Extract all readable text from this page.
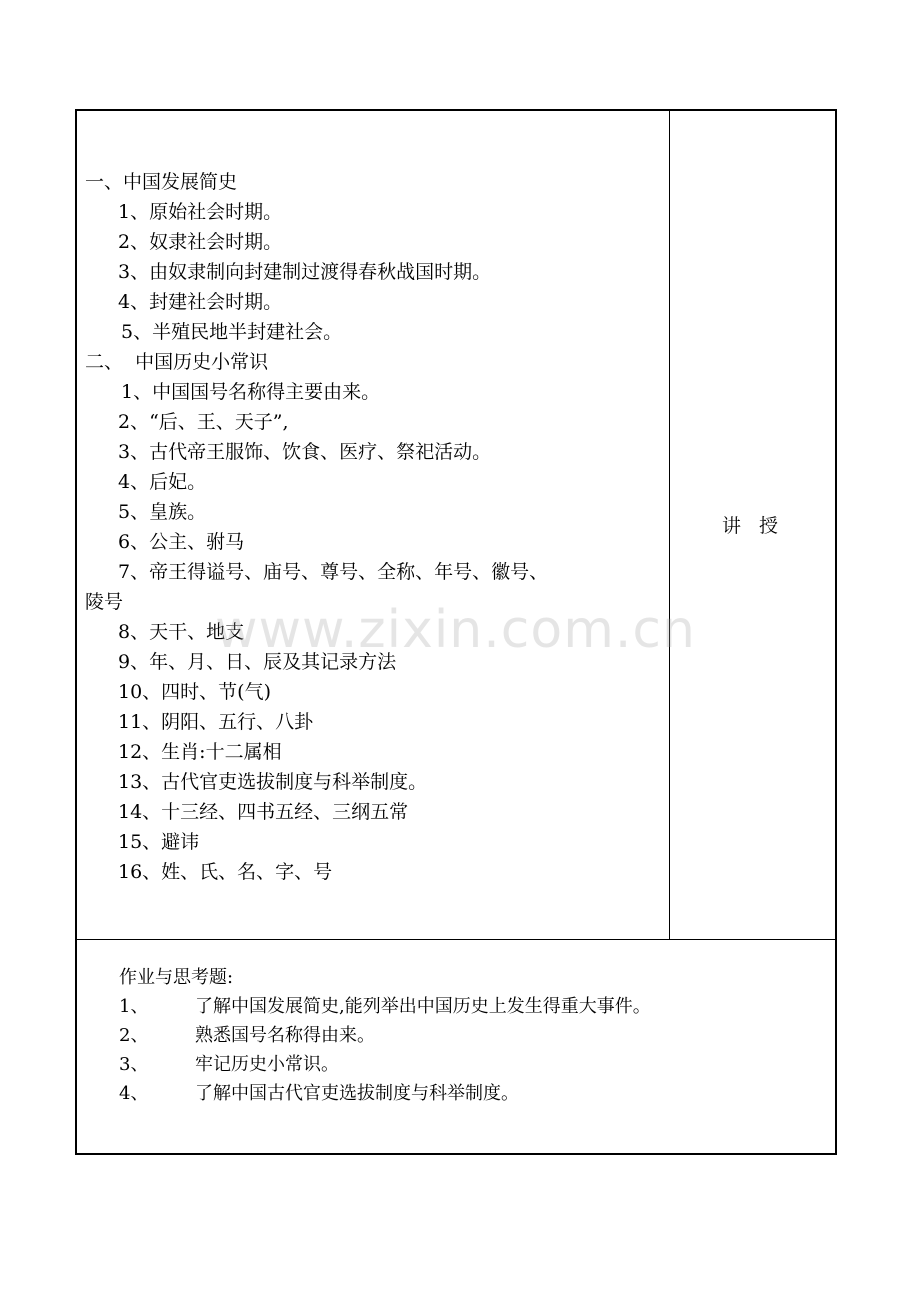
一、中国发展简史
1、原始社会时期。
2、奴隶社会时期。
3、由奴隶制向封建制过渡得春秋战国时期。
4、封建社会时期。
5、半殖民地半封建社会。
二、  中国历史小常识
1、中国国号名称得主要由来。
2、“后、王、天子”,
3、古代帝王服饰、饮食、医疗、祭祀活动。
4、后妃。
5、皇族。
6、公主、驸马
7、帝王得谥号、庙号、尊号、全称、年号、徽号、
陵号
8、天干、地支
9、年、月、日、辰及其记录方法
10、四时、节(气)
11、阴阳、五行、八卦
12、生肖:十二属相
13、古代官吏选拔制度与科举制度。
14、十三经、四书五经、三纲五常
15、避讳
16、姓、氏、名、字、号
讲 授
作业与思考题:
1、	了解中国发展简史,能列举出中国历史上发生得重大事件。
2、	熟悉国号名称得由来。
3、	牢记历史小常识。
4、	了解中国古代官吏选拔制度与科举制度。
www.zixin.com.cn
